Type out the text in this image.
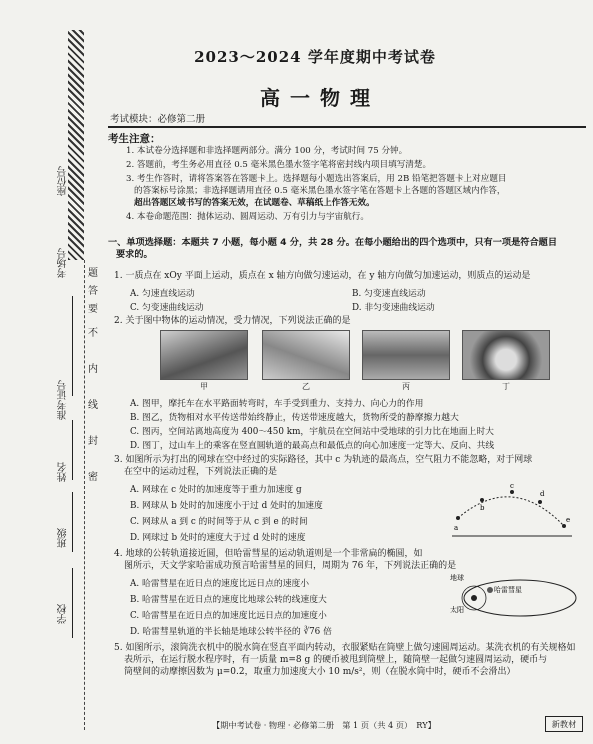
座位号
考场号
准考证号
姓名
班级
学校
密
封
线
内
不
要
答
题
2023～2024 学年度期中考试卷
高一物理
考试模块：必修第二册
考生注意：
1. 本试卷分选择题和非选择题两部分。满分 100 分，考试时间 75 分钟。
2. 答题前，考生务必用直径 0.5 毫米黑色墨水签字笔将密封线内项目填写清楚。
3. 考生作答时，请将答案答在答题卡上。选择题每小题选出答案后，用 2B 铅笔把答题卡上对应题目
的答案标号涂黑；非选择题请用直径 0.5 毫米黑色墨水签字笔在答题卡上各题的答题区域内作答，
超出答题区域书写的答案无效，在试题卷、草稿纸上作答无效。
4. 本卷命题范围：抛体运动、圆周运动、万有引力与宇宙航行。
一、单项选择题：本题共 7 小题，每小题 4 分，共 28 分。在每小题给出的四个选项中，只有一项是符合题目
要求的。
1. 一质点在 xOy 平面上运动，质点在 x 轴方向做匀速运动，在 y 轴方向做匀加速运动，则质点的运动是
A. 匀速直线运动	B. 匀变速直线运动
C. 匀变速曲线运动	D. 非匀变速曲线运动
2. 关于图中物体的运动情况，受力情况，下列说法正确的是
甲	乙	丙	丁
A. 图甲，摩托车在水平路面转弯时，车手受到重力、支持力、向心力的作用
B. 图乙，货物相对水平传送带始终静止，传送带速度越大，货物所受的静摩擦力越大
C. 图丙，空间站离地高度为 400～450 km，宇航员在空间站中受地球的引力比在地面上时大
D. 图丁，过山车上的乘客在竖直圆轨道的最高点和最低点的向心加速度一定等大、反向、共线
3. 如图所示为打出的网球在空中经过的实际路径，其中 c 为轨迹的最高点，空气阻力不能忽略，对于网球
在空中的运动过程，下列说法正确的是
A. 网球在 c 处时的加速度等于重力加速度 g
B. 网球从 b 处时的加速度小于过 d 处时的加速度
C. 网球从 a 到 c 的时间等于从 c 到 e 的时间
D. 网球过 b 处时的速度大于过 d 处时的速度
a
b
c
d
e
4. 地球的公转轨道接近圆，但哈雷彗星的运动轨道则是一个非常扁的椭圆，如
图所示，天文学家哈雷成功预言哈雷彗星的回归，周期为 76 年，下列说法正确的是
A. 哈雷彗星在近日点的速度比远日点的速度小
B. 哈雷彗星在近日点的速度比地球公转的线速度大
C. 哈雷彗星在近日点的加速度比远日点的加速度小
D. 哈雷彗星轨道的半长轴是地球公转半径的 ∛76 倍
地球
哈雷彗星
太阳
5. 如图所示，滚筒洗衣机中的脱水筒在竖直平面内转动，衣服紧贴在筒壁上做匀速圆周运动。某洗衣机的有关规格如
表所示，在运行脱水程序时，有一质量 m=8 g 的硬币被甩到筒壁上，随筒壁一起做匀速圆周运动，硬币与
筒壁间的动摩擦因数为 μ=0.2，取重力加速度大小 10 m/s²，则（在脱水筒中时，硬币不会滑出）
【期中考试卷 · 物理 · 必修第二册　第 1 页（共 4 页）　RY】	新教材
